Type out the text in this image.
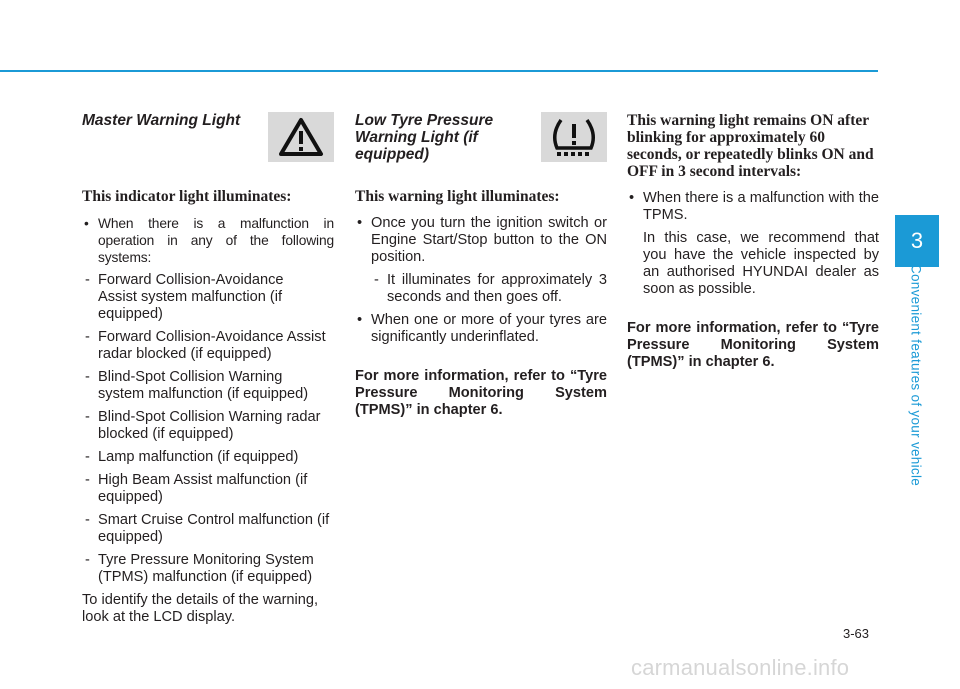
Master Warning Light

This indicator light illuminates:

• When there is a malfunction in operation in any of the following systems:
- Forward Collision-Avoidance Assist system malfunction (if equipped)
- Forward Collision-Avoidance Assist radar blocked (if equipped)
- Blind-Spot Collision Warning system malfunction (if equipped)
- Blind-Spot Collision Warning radar blocked (if equipped)
- Lamp malfunction (if equipped)
- High Beam Assist malfunction (if equipped)
- Smart Cruise Control malfunction (if equipped)
- Tyre Pressure Monitoring System (TPMS) malfunction (if equipped)

To identify the details of the warning, look at the LCD display.

Low Tyre Pressure Warning Light (if equipped)

This warning light illuminates:

• Once you turn the ignition switch or Engine Start/Stop button to the ON position.
- It illuminates for approximately 3 seconds and then goes off.
• When one or more of your tyres are significantly underinflated.

For more information, refer to “Tyre Pressure Monitoring System (TPMS)” in chapter 6.

This warning light remains ON after blinking for approximately 60 seconds, or repeatedly blinks ON and OFF in 3 second intervals:

• When there is a malfunction with the TPMS.
In this case, we recommend that you have the vehicle inspected by an authorised HYUNDAI dealer as soon as possible.

For more information, refer to “Tyre Pressure Monitoring System (TPMS)” in chapter 6.

3
Convenient features of your vehicle
3-63
carmanualsonline.info
